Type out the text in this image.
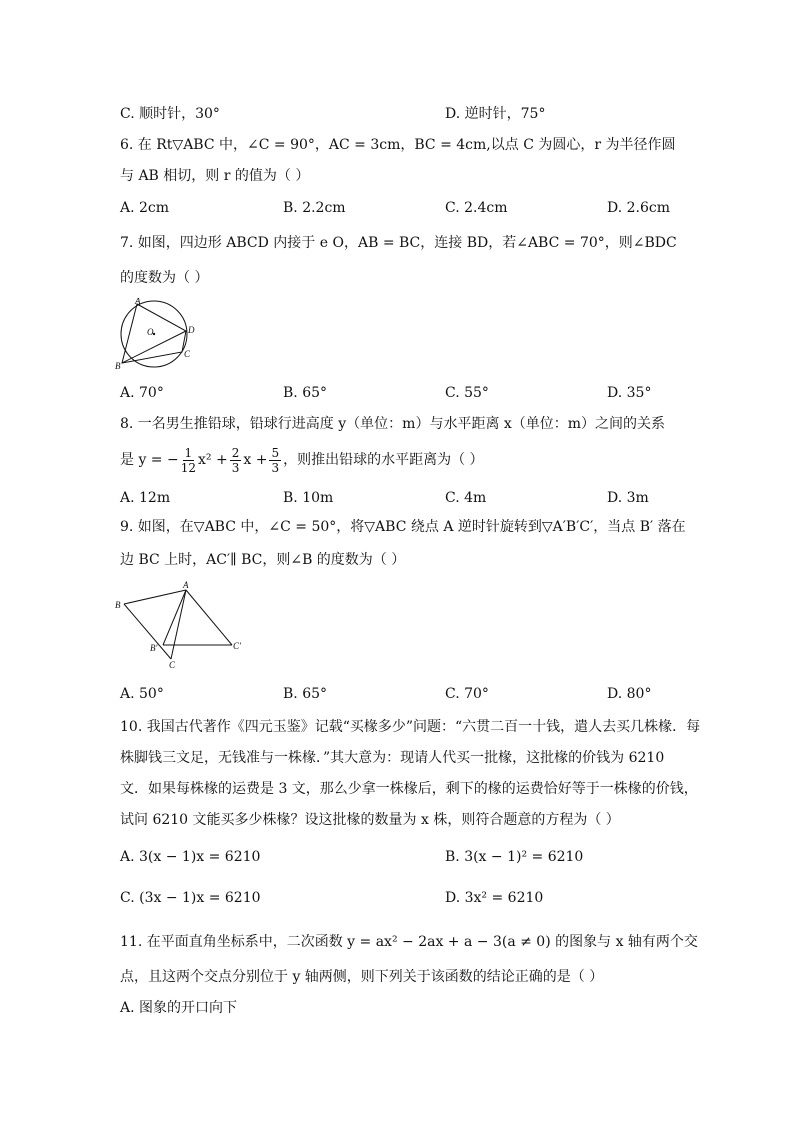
C. 顺时针，30°	D. 逆时针，75°
6. 在 Rt▽ABC 中，∠C = 90°，AC = 3cm，BC = 4cm,以点 C 为圆心，r 为半径作圆
与 AB 相切，则 r 的值为（ ）
A. 2cm	B. 2.2cm	C. 2.4cm	D. 2.6cm
7. 如图，四边形 ABCD 内接于 e O，AB = BC，连接 BD，若∠ABC = 70°，则∠BDC
的度数为（ ）
A
O	D
C
B
A. 70°	B. 65°	C. 55°	D. 35°
8. 一名男生推铅球，铅球行进高度 y（单位：m）与水平距离 x（单位：m）之间的关系
是 y = − $\frac{1}{12} x^2 + \frac{2}{3}$ $x + \frac{5}{3}$ ，则推出铅球的水平距离为（ ）
A. 12m	B. 10m	C. 4m	D. 3m
9. 如图，在▽ABC 中，∠C = 50°，将▽ABC 绕点 A 逆时针旋转到▽A′B′C′，当点 B′ 落在
边 BC 上时，AC′∥ BC，则∠B 的度数为（ ）
A
B
B′
C
C′
A. 50°	B. 65°	C. 70°	D. 80°
10. 我国古代著作《四元玉鉴》记载“买椽多少”问题：“六贯二百一十钱，遣人去买几株椽．每
株脚钱三文足，无钱准与一株椽．”其大意为：现请人代买一批椽，这批椽的价钱为 6210
文．如果每株椽的运费是 3 文，那么少拿一株椽后，剩下的椽的运费恰好等于一株椽的价钱，
试问 6210 文能买多少株椽？设这批椽的数量为 x 株，则符合题意的方程为（ ）
A. 3(x − 1)x = 6210	B. 3(x − 1)² = 6210
C. (3x − 1)x = 6210	D. 3x² = 6210
11. 在平面直角坐标系中，二次函数 y = ax² − 2ax + a − 3(a ≠ 0) 的图象与 x 轴有两个交
点，且这两个交点分别位于 y 轴两侧，则下列关于该函数的结论正确的是（ ）
A. 图象的开口向下
